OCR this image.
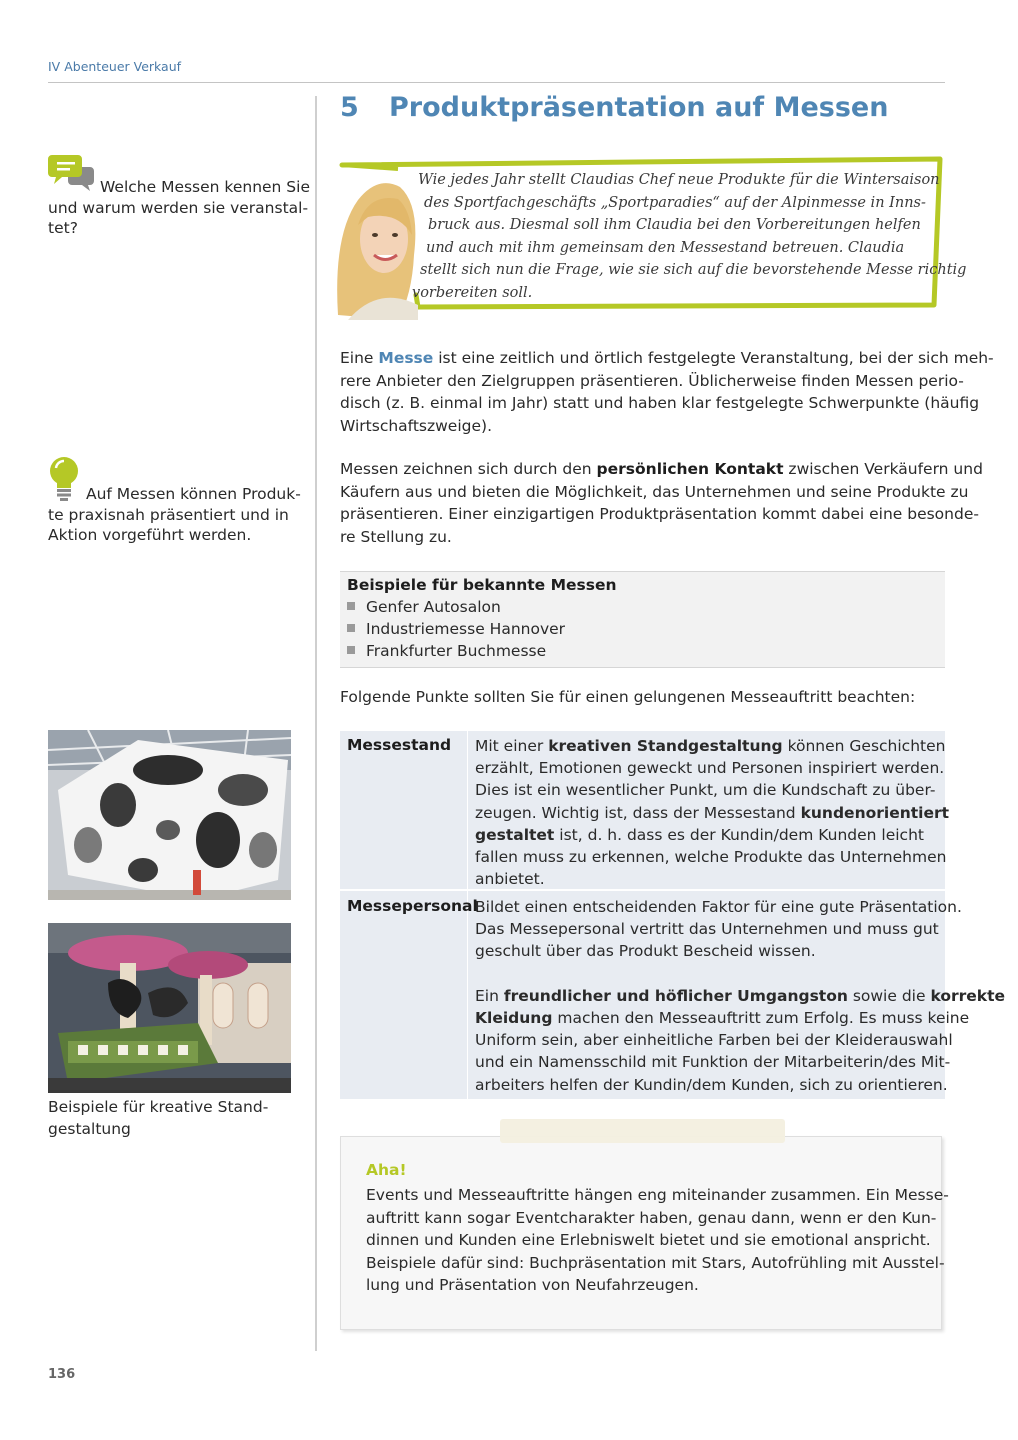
IV Abenteuer Verkauf
5 Produktpräsentation auf Messen
Welche Messen kennen Sie
und warum werden sie veranstal-
tet?
Auf Messen können Produk-
te praxisnah präsentiert und in
Aktion vorgeführt werden.
Wie jedes Jahr stellt Claudias Chef neue Produkte für die Wintersaison
des Sportfachgeschäfts „Sportparadies“ auf der Alpinmesse in Inns-
bruck aus. Diesmal soll ihm Claudia bei den Vorbereitungen helfen
und auch mit ihm gemeinsam den Messestand betreuen. Claudia
stellt sich nun die Frage, wie sie sich auf die bevorstehende Messe richtig
vorbereiten soll.
Eine Messe ist eine zeitlich und örtlich festgelegte Veranstaltung, bei der sich meh-
rere Anbieter den Zielgruppen präsentieren. Üblicherweise finden Messen perio-
disch (z. B. einmal im Jahr) statt und haben klar festgelegte Schwerpunkte (häufig
Wirtschaftszweige).
Messen zeichnen sich durch den persönlichen Kontakt zwischen Verkäufern und
Käufern aus und bieten die Möglichkeit, das Unternehmen und seine Produkte zu
präsentieren. Einer einzigartigen Produktpräsentation kommt dabei eine besonde-
re Stellung zu.
Beispiele für bekannte Messen
Genfer Autosalon
Industriemesse Hannover
Frankfurter Buchmesse
Folgende Punkte sollten Sie für einen gelungenen Messeauftritt beachten:
Messestand Mit einer kreativen Standgestaltung können Geschichten
erzählt, Emotionen geweckt und Personen inspiriert werden.
Dies ist ein wesentlicher Punkt, um die Kundschaft zu über-
zeugen. Wichtig ist, dass der Messestand kundenorientiert
gestaltet ist, d. h. dass es der Kundin/dem Kunden leicht
fallen muss zu erkennen, welche Produkte das Unternehmen
anbietet.
Messepersonal
Bildet einen entscheidenden Faktor für eine gute Präsentation.
Das Messepersonal vertritt das Unternehmen und muss gut
geschult über das Produkt Bescheid wissen.
Ein freundlicher und höflicher Umgangston sowie die korrekte
Kleidung machen den Messeauftritt zum Erfolg. Es muss keine
Uniform sein, aber einheitliche Farben bei der Kleiderauswahl
und ein Namensschild mit Funktion der Mitarbeiterin/des Mit-
arbeiters helfen der Kundin/dem Kunden, sich zu orientieren.
Beispiele für kreative Stand-
gestaltung
Aha!
Events und Messeauftritte hängen eng miteinander zusammen. Ein Messe-
auftritt kann sogar Eventcharakter haben, genau dann, wenn er den Kun-
dinnen und Kunden eine Erlebniswelt bietet und sie emotional anspricht.
Beispiele dafür sind: Buchpräsentation mit Stars, Autofrühling mit Ausstel-
lung und Präsentation von Neufahrzeugen.
136
